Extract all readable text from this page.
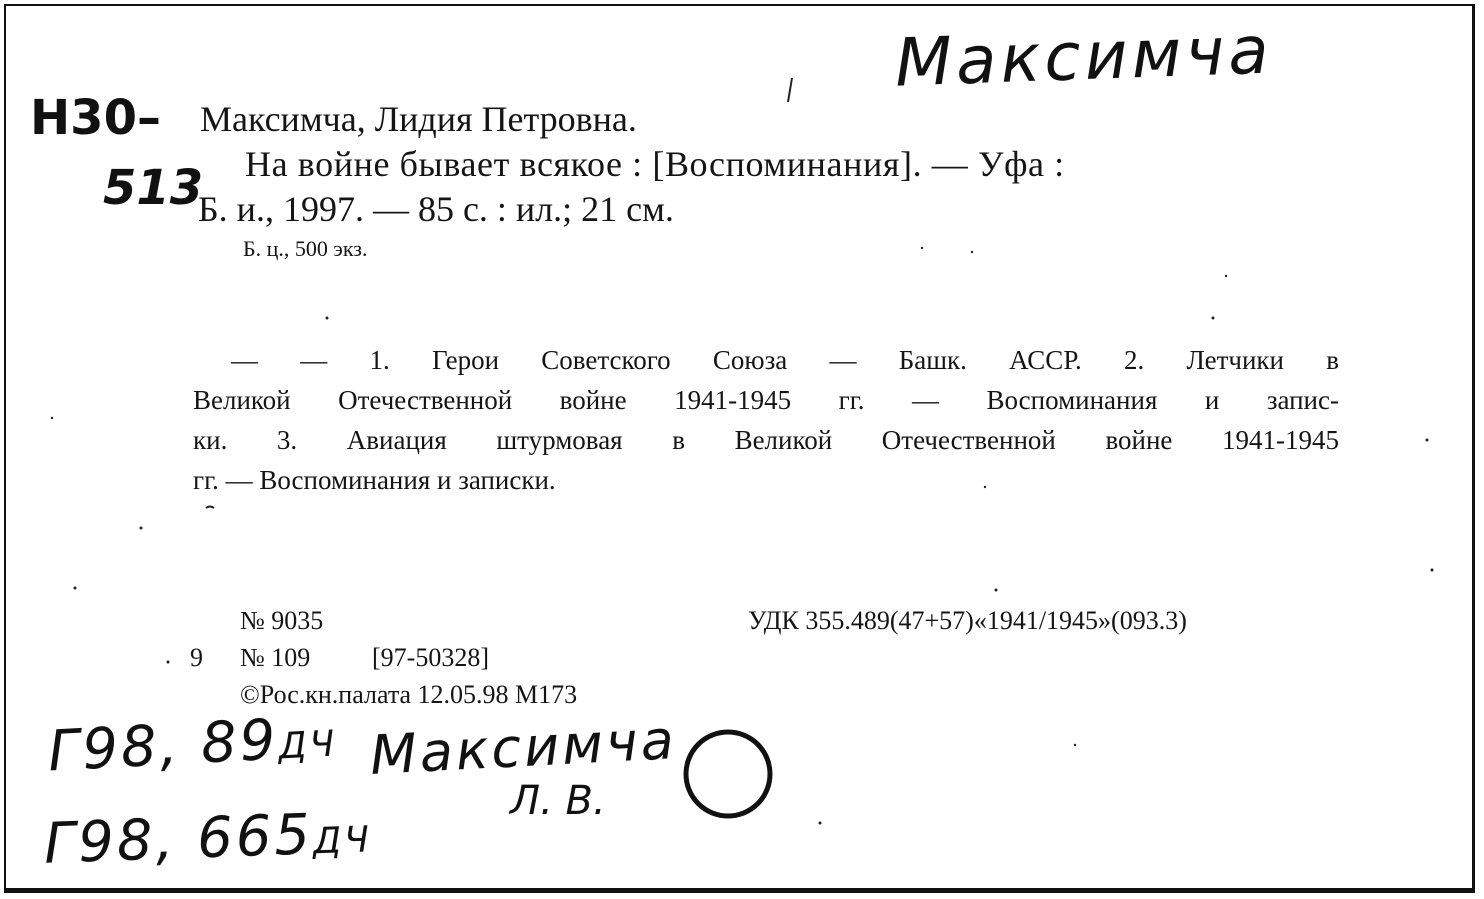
Максимча
Н30–
513
Максимча, Лидия Петровна.
На войне бывает всякое : [Воспоминания]. — Уфа :
Б. и., 1997. — 85 с. : ил.; 21 см.
Б. ц., 500 экз.
— — 1. Герои Советского Союза — Башк. АССР. 2. Летчики в
Великой Отечественной войне 1941-1945 гг. — Воспоминания и запис-
ки. 3. Авиация штурмовая в Великой Отечественной войне 1941-1945
гг. — Воспоминания и записки.
№ 9035	УДК 355.489(47+57)«1941/1945»(093.3)
9 № 109 [97-50328]
©Рос.кн.палата 12.05.98 М173
Г98, 89ДЧ Максимча
Л. В.
Г98, 665ДЧ
